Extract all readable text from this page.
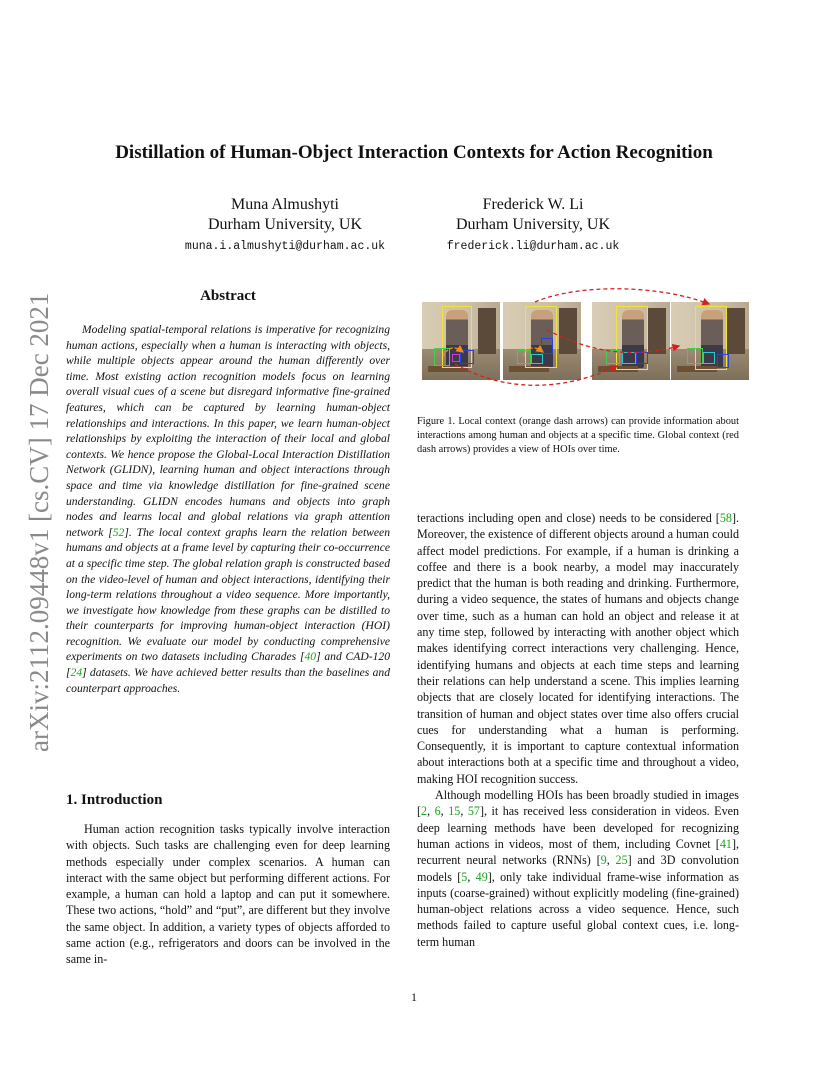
arXiv:2112.09448v1 [cs.CV] 17 Dec 2021
Distillation of Human-Object Interaction Contexts for Action Recognition
Muna Almushyti
Durham University, UK
muna.i.almushyti@durham.ac.uk
Frederick W. Li
Durham University, UK
frederick.li@durham.ac.uk
Abstract

Modeling spatial-temporal relations is imperative for recognizing human actions, especially when a human is interacting with objects, while multiple objects appear around the human differently over time. Most existing action recognition models focus on learning overall visual cues of a scene but disregard informative fine-grained features, which can be captured by learning human-object relationships and interactions. In this paper, we learn human-object relationships by exploiting the interaction of their local and global contexts. We hence propose the Global-Local Interaction Distillation Network (GLIDN), learning human and object interactions through space and time via knowledge distillation for fine-grained scene understanding. GLIDN encodes humans and objects into graph nodes and learns local and global relations via graph attention network [52]. The local context graphs learn the relation between humans and objects at a frame level by capturing their co-occurrence at a specific time step. The global relation graph is constructed based on the video-level of human and object interactions, identifying their long-term relations throughout a video sequence. More importantly, we investigate how knowledge from these graphs can be distilled to their counterparts for improving human-object interaction (HOI) recognition. We evaluate our model by conducting comprehensive experiments on two datasets including Charades [40] and CAD-120 [24] datasets. We have achieved better results than the baselines and counterpart approaches.

1. Introduction

Human action recognition tasks typically involve interaction with objects. Such tasks are challenging even for deep learning methods especially under complex scenarios. A human can interact with the same object but performing different actions. For example, a human can hold a laptop and can put it somewhere. These two actions, “hold” and “put”, are different but they involve the same object. In addition, a variety types of objects afforded to same action (e.g., refrigerators and doors can be involved in the same in-

Figure 1. Local context (orange dash arrows) can provide information about interactions among human and objects at a specific time. Global context (red dash arrows) provides a view of HOIs over time.

teractions including open and close) needs to be considered [58]. Moreover, the existence of different objects around a human could affect model predictions. For example, if a human is drinking a coffee and there is a book nearby, a model may inaccurately predict that the human is both reading and drinking. Furthermore, during a video sequence, the states of humans and objects change over time, such as a human can hold an object and release it at any time step, followed by interacting with another object which makes identifying correct interactions very challenging. Hence, identifying humans and objects at each time steps and learning their relations can help understand a scene. This implies learning objects that are closely located for identifying interactions. The transition of human and object states over time also offers crucial cues for understanding what a human is performing. Consequently, it is important to capture contextual information about interactions both at a specific time and throughout a video, making HOI recognition success.

Although modelling HOIs has been broadly studied in images [2, 6, 15, 57], it has received less consideration in videos. Even deep learning methods have been developed for recognizing human actions in videos, most of them, including Covnet [41], recurrent neural networks (RNNs) [9, 25] and 3D convolution models [5, 49], only take individual frame-wise information as inputs (coarse-grained) without explicitly modeling (fine-grained) human-object relations across a video sequence. Hence, such methods failed to capture useful global context cues, i.e. long-term human

1
